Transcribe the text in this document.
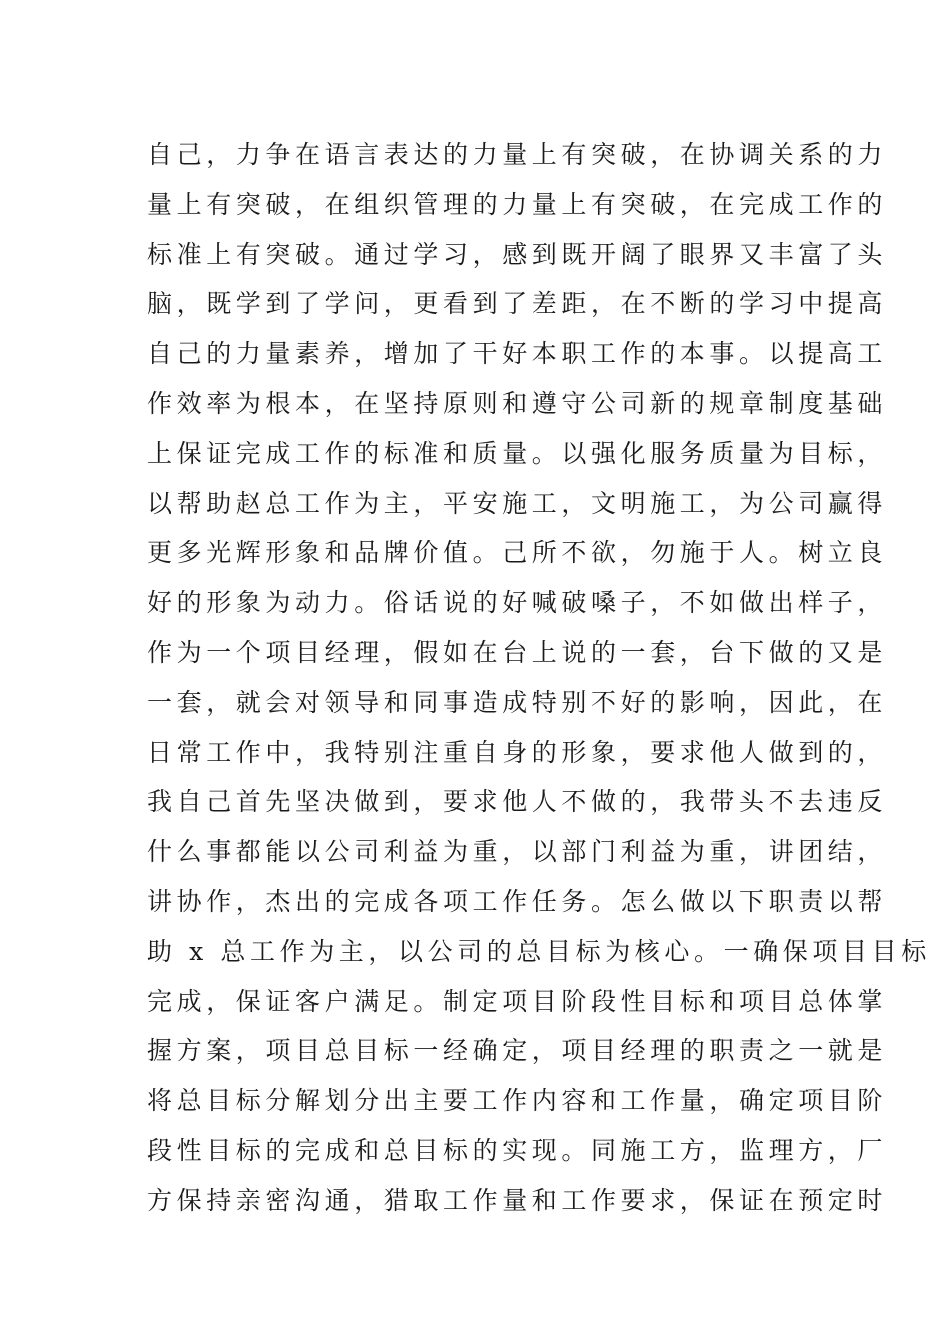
自己，力争在语言表达的力量上有突破，在协调关系的力
量上有突破，在组织管理的力量上有突破，在完成工作的
标准上有突破。通过学习，感到既开阔了眼界又丰富了头
脑，既学到了学问，更看到了差距，在不断的学习中提高
自己的力量素养，增加了干好本职工作的本事。以提高工
作效率为根本，在坚持原则和遵守公司新的规章制度基础
上保证完成工作的标准和质量。以强化服务质量为目标，
以帮助赵总工作为主，平安施工，文明施工，为公司赢得
更多光辉形象和品牌价值。己所不欲，勿施于人。树立良
好的形象为动力。俗话说的好喊破嗓子，不如做出样子，
作为一个项目经理，假如在台上说的一套，台下做的又是
一套，就会对领导和同事造成特别不好的影响，因此，在
日常工作中，我特别注重自身的形象，要求他人做到的，
我自己首先坚决做到，要求他人不做的，我带头不去违反
什么事都能以公司利益为重，以部门利益为重，讲团结，
讲协作，杰出的完成各项工作任务。怎么做以下职责以帮
助 x 总工作为主，以公司的总目标为核心。一确保项目目标
完成，保证客户满足。制定项目阶段性目标和项目总体掌
握方案，项目总目标一经确定，项目经理的职责之一就是
将总目标分解划分出主要工作内容和工作量，确定项目阶
段性目标的完成和总目标的实现。同施工方，监理方，厂
方保持亲密沟通，猎取工作量和工作要求，保证在预定时
